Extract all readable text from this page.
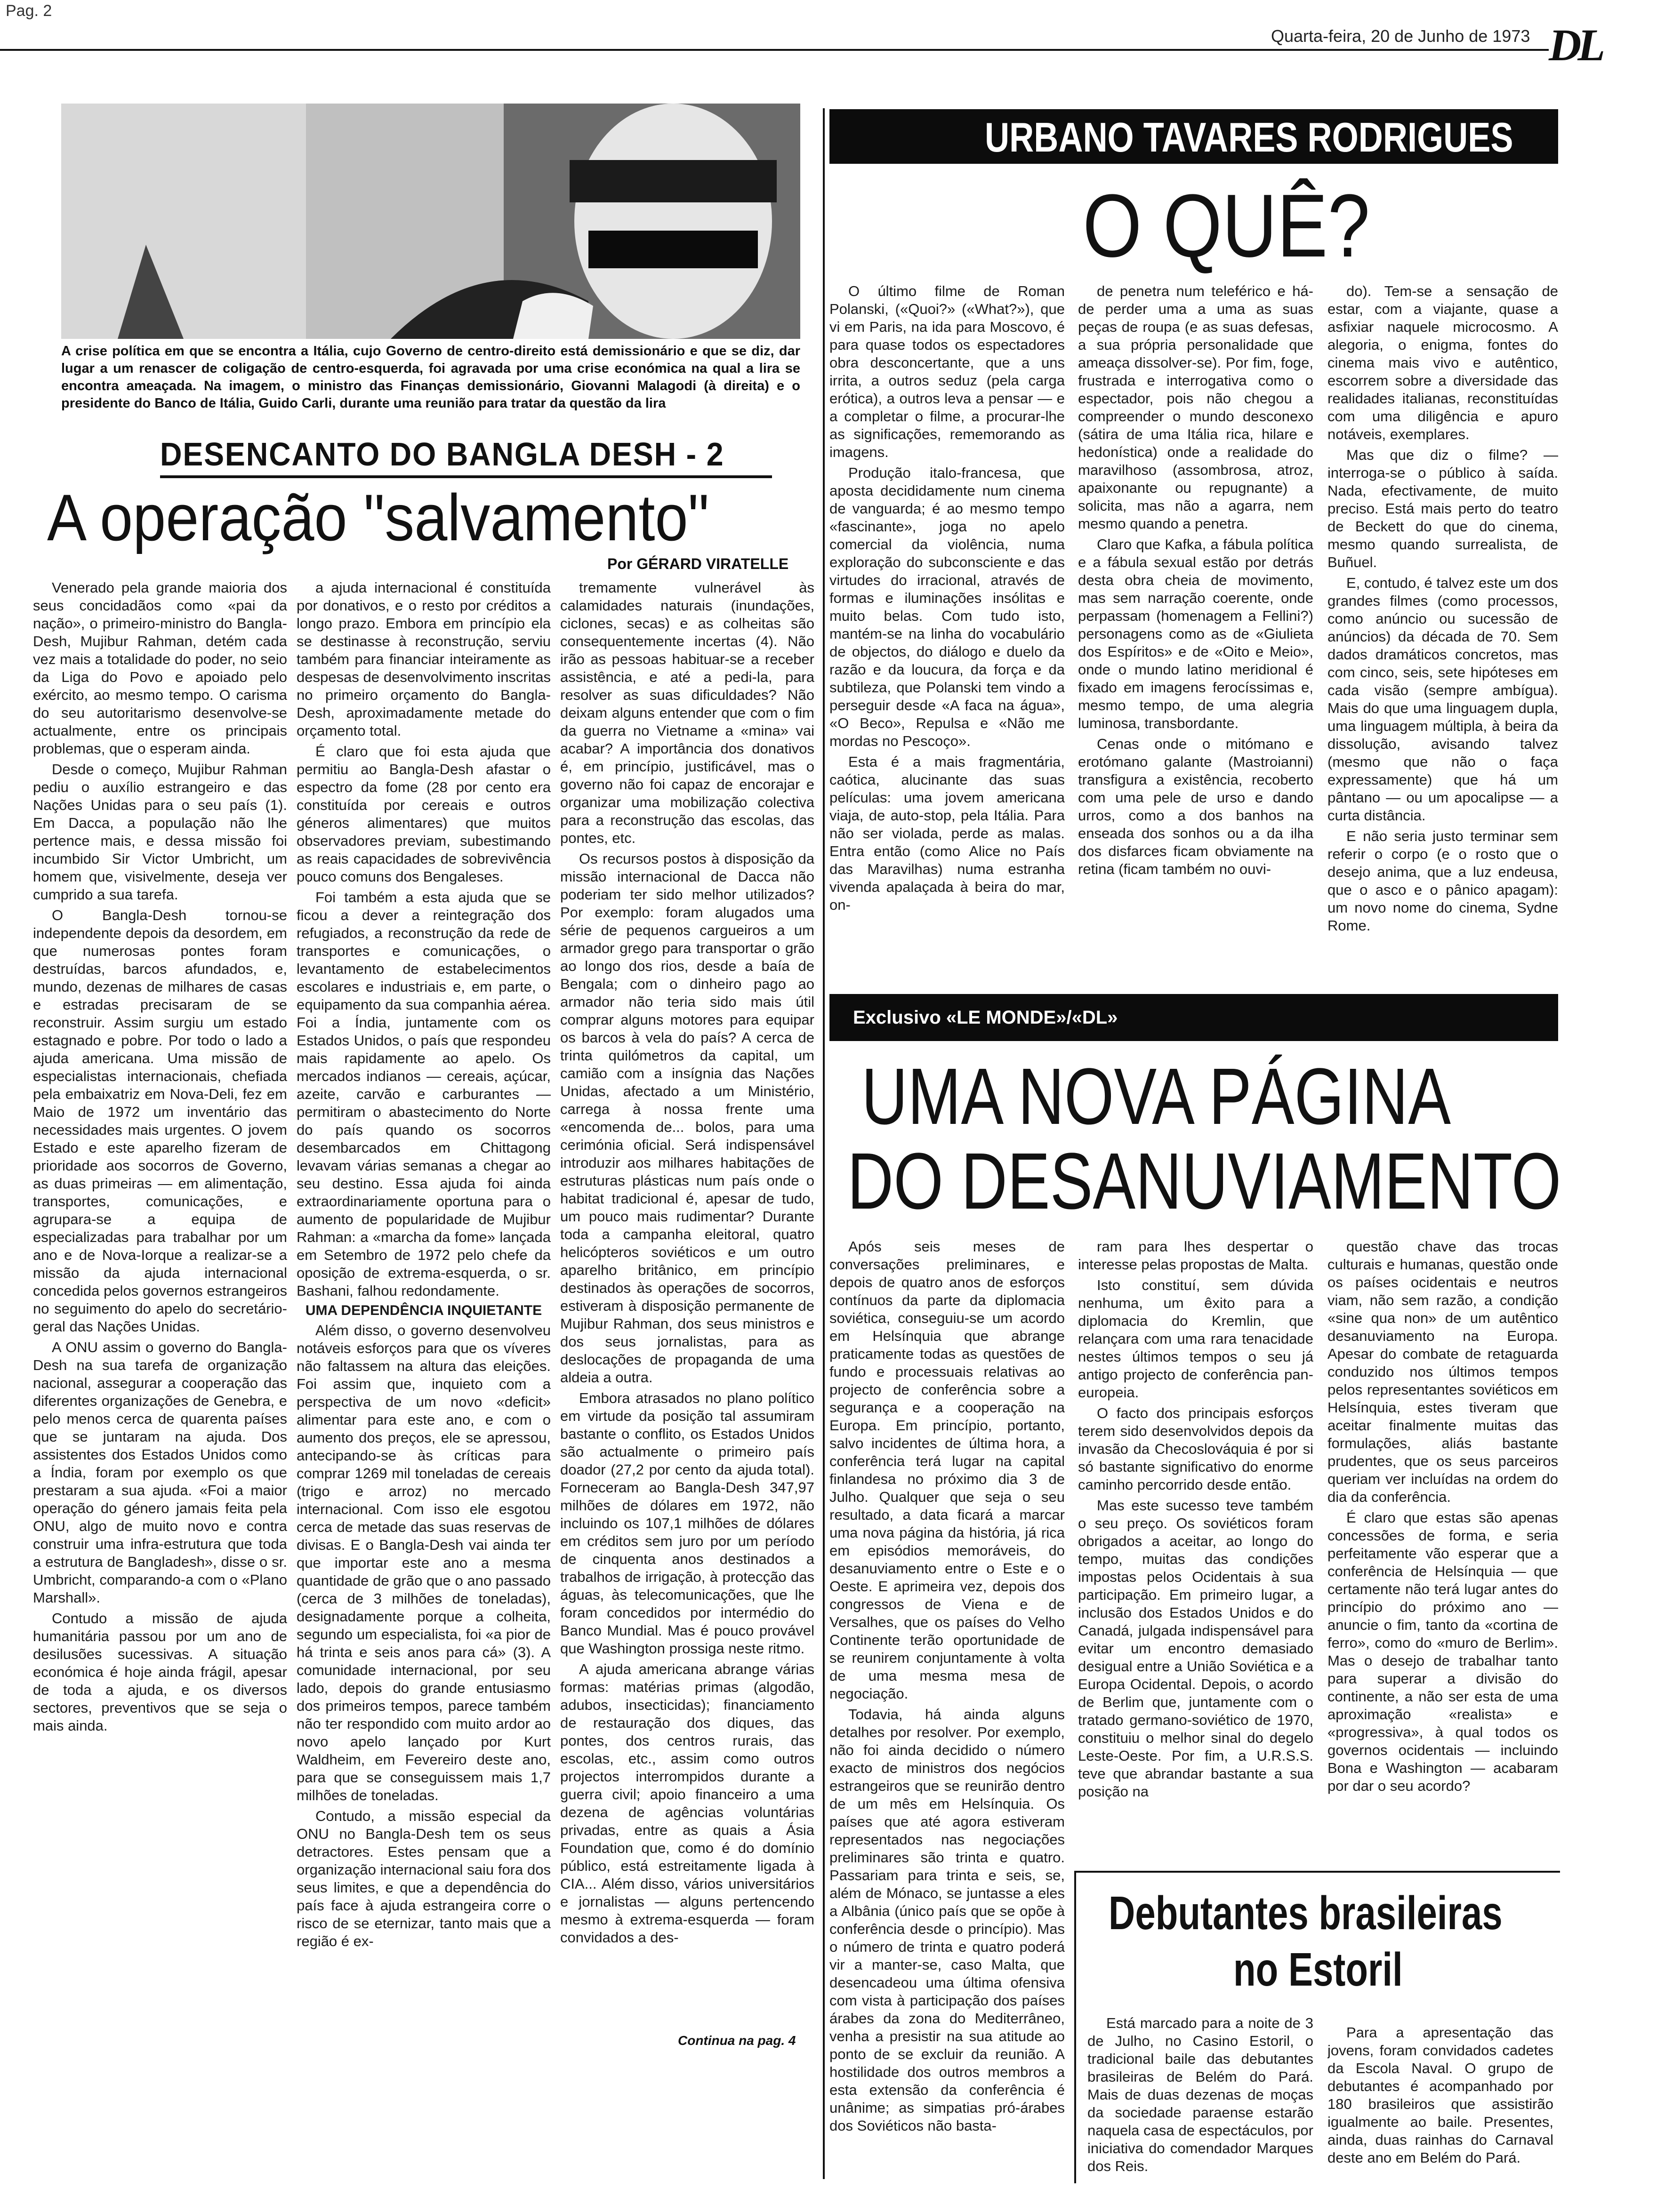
Pag. 2
Quarta-feira, 20 de Junho de 1973 DL
A crise política em que se encontra a Itália, cujo Governo de centro-direito está demissionário e que se diz, dar lugar a um renascer de coligação de centro-esquerda, foi agravada por uma crise económica na qual a lira se encontra ameaçada. Na imagem, o ministro das Finanças demissionário, Giovanni Malagodi (à direita) e o presidente do Banco de Itália, Guido Carli, durante uma reunião para tratar da questão da lira
DESENCANTO DO BANGLA DESH - 2
A operação "salvamento"
Por GÉRARD VIRATELLE

Venerado pela grande maioria dos seus concidadãos como «pai da nação», o primeiro-ministro do Bangla-Desh, Mujibur Rahman, detém cada vez mais a totalidade do poder, no seio da Liga do Povo e apoiado pelo exército, ao mesmo tempo. O carisma do seu autoritarismo desenvolve-se actualmente, entre os principais problemas, que o esperam ainda.

Desde o começo, Mujibur Rahman pediu o auxílio estrangeiro e das Nações Unidas para o seu país (1). Em Dacca, a população não lhe pertence mais, e dessa missão foi incumbido Sir Victor Umbricht, um homem que, visivelmente, deseja ver cumprido a sua tarefa.

O Bangla-Desh tornou-se independente depois da desordem, em que numerosas pontes foram destruídas, barcos afundados, e, mundo, dezenas de milhares de casas e estradas precisaram de se reconstruir. Assim surgiu um estado estagnado e pobre. Por todo o lado a ajuda americana. Uma missão de especialistas internacionais, chefiada pela embaixatriz em Nova-Deli, fez em Maio de 1972 um inventário das necessidades mais urgentes. O jovem Estado e este aparelho fizeram de prioridade aos socorros de Governo, as duas primeiras — em alimentação, transportes, comunicações, e agrupara-se a equipa de especializadas para trabalhar por um ano e de Nova-Iorque a realizar-se a missão da ajuda internacional concedida pelos governos estrangeiros no seguimento do apelo do secretário-geral das Nações Unidas.

A ONU assim o governo do Bangla-Desh na sua tarefa de organização nacional, assegurar a cooperação das diferentes organizações de Genebra, e pelo menos cerca de quarenta países que se juntaram na ajuda. Dos assistentes dos Estados Unidos como a Índia, foram por exemplo os que prestaram a sua ajuda. «Foi a maior operação do género jamais feita pela ONU, algo de muito novo e contra construir uma infra-estrutura que toda a estrutura de Bangladesh», disse o sr. Umbricht, comparando-a com o «Plano Marshall».

Contudo a missão de ajuda humanitária passou por um ano de desilusões sucessivas. A situação económica é hoje ainda frágil, apesar de toda a ajuda, e os diversos sectores, preventivos que se seja o mais ainda.

a ajuda internacional é constituída por donativos, e o resto por créditos a longo prazo. Embora em princípio ela se destinasse à reconstrução, serviu também para financiar inteiramente as despesas de desenvolvimento inscritas no primeiro orçamento do Bangla-Desh, aproximadamente metade do orçamento total.

É claro que foi esta ajuda que permitiu ao Bangla-Desh afastar o espectro da fome (28 por cento era constituída por cereais e outros géneros alimentares) que muitos observadores previam, subestimando as reais capacidades de sobrevivência pouco comuns dos Bengaleses.

Foi também a esta ajuda que se ficou a dever a reintegração dos refugiados, a reconstrução da rede de transportes e comunicações, o levantamento de estabelecimentos escolares e industriais e, em parte, o equipamento da sua companhia aérea. Foi a Índia, juntamente com os Estados Unidos, o país que respondeu mais rapidamente ao apelo. Os mercados indianos — cereais, açúcar, azeite, carvão e carburantes — permitiram o abastecimento do Norte do país quando os socorros desembarcados em Chittagong levavam várias semanas a chegar ao seu destino. Essa ajuda foi ainda extraordinariamente oportuna para o aumento de popularidade de Mujibur Rahman: a «marcha da fome» lançada em Setembro de 1972 pelo chefe da oposição de extrema-esquerda, o sr. Bashani, falhou redondamente.

UMA DEPENDÊNCIA INQUIETANTE

Além disso, o governo desenvolveu notáveis esforços para que os víveres não faltassem na altura das eleições. Foi assim que, inquieto com a perspectiva de um novo «deficit» alimentar para este ano, e com o aumento dos preços, ele se apressou, antecipando-se às críticas para comprar 1269 mil toneladas de cereais (trigo e arroz) no mercado internacional. Com isso ele esgotou cerca de metade das suas reservas de divisas. E o Bangla-Desh vai ainda ter que importar este ano a mesma quantidade de grão que o ano passado (cerca de 3 milhões de toneladas), designadamente porque a colheita, segundo um especialista, foi «a pior de há trinta e seis anos para cá» (3). A comunidade internacional, por seu lado, depois do grande entusiasmo dos primeiros tempos, parece também não ter respondido com muito ardor ao novo apelo lançado por Kurt Waldheim, em Fevereiro deste ano, para que se conseguissem mais 1,7 milhões de toneladas.

Contudo, a missão especial da ONU no Bangla-Desh tem os seus detractores. Estes pensam que a organização internacional saiu fora dos seus limites, e que a dependência do país face à ajuda estrangeira corre o risco de se eternizar, tanto mais que a região é ex-

tremamente vulnerável às calamidades naturais (inundações, ciclones, secas) e as colheitas são consequentemente incertas (4). Não irão as pessoas habituar-se a receber assistência, e até a pedi-la, para resolver as suas dificuldades? Não deixam alguns entender que com o fim da guerra no Vietname a «mina» vai acabar? A importância dos donativos é, em princípio, justificável, mas o governo não foi capaz de encorajar e organizar uma mobilização colectiva para a reconstrução das escolas, das pontes, etc.

Os recursos postos à disposição da missão internacional de Dacca não poderiam ter sido melhor utilizados? Por exemplo: foram alugados uma série de pequenos cargueiros a um armador grego para transportar o grão ao longo dos rios, desde a baía de Bengala; com o dinheiro pago ao armador não teria sido mais útil comprar alguns motores para equipar os barcos à vela do país? A cerca de trinta quilómetros da capital, um camião com a insígnia das Nações Unidas, afectado a um Ministério, carrega à nossa frente uma «encomenda de... bolos, para uma cerimónia oficial. Será indispensável introduzir aos milhares habitações de estruturas plásticas num país onde o habitat tradicional é, apesar de tudo, um pouco mais rudimentar? Durante toda a campanha eleitoral, quatro helicópteros soviéticos e um outro aparelho britânico, em princípio destinados às operações de socorros, estiveram à disposição permanente de Mujibur Rahman, dos seus ministros e dos seus jornalistas, para as deslocações de propaganda de uma aldeia a outra.

Embora atrasados no plano político em virtude da posição tal assumiram bastante o conflito, os Estados Unidos são actualmente o primeiro país doador (27,2 por cento da ajuda total). Forneceram ao Bangla-Desh 347,97 milhões de dólares em 1972, não incluindo os 107,1 milhões de dólares em créditos sem juro por um período de cinquenta anos destinados a trabalhos de irrigação, à protecção das águas, às telecomunicações, que lhe foram concedidos por intermédio do Banco Mundial. Mas é pouco provável que Washington prossiga neste ritmo.

A ajuda americana abrange várias formas: matérias primas (algodão, adubos, insecticidas); financiamento de restauração dos diques, das pontes, dos centros rurais, das escolas, etc., assim como outros projectos interrompidos durante a guerra civil; apoio financeiro a uma dezena de agências voluntárias privadas, entre as quais a Ásia Foundation que, como é do domínio público, está estreitamente ligada à CIA... Além disso, vários universitários e jornalistas — alguns pertencendo mesmo à extrema-esquerda — foram convidados a des-

Continua na pag. 4
URBANO TAVARES RODRIGUES
O QUÊ?

O último filme de Roman Polanski, («Quoi?» («What?»), que vi em Paris, na ida para Moscovo, é para quase todos os espectadores obra desconcertante, que a uns irrita, a outros seduz (pela carga erótica), a outros leva a pensar — e a completar o filme, a procurar-lhe as significações, rememorando as imagens.

Produção italo-francesa, que aposta decididamente num cinema de vanguarda; é ao mesmo tempo «fascinante», joga no apelo comercial da violência, numa exploração do subconsciente e das virtudes do irracional, através de formas e iluminações insólitas e muito belas. Com tudo isto, mantém-se na linha do vocabulário de objectos, do diálogo e duelo da razão e da loucura, da força e da subtileza, que Polanski tem vindo a perseguir desde «A faca na água», «O Beco», Repulsa e «Não me mordas no Pescoço».

Esta é a mais fragmentária, caótica, alucinante das suas películas: uma jovem americana viaja, de auto-stop, pela Itália. Para não ser violada, perde as malas. Entra então (como Alice no País das Maravilhas) numa estranha vivenda apalaçada à beira do mar, on-

de penetra num teleférico e há-de perder uma a uma as suas peças de roupa (e as suas defesas, a sua própria personalidade que ameaça dissolver-se). Por fim, foge, frustrada e interrogativa como o espectador, pois não chegou a compreender o mundo desconexo (sátira de uma Itália rica, hilare e hedonística) onde a realidade do maravilhoso (assombrosa, atroz, apaixonante ou repugnante) a solicita, mas não a agarra, nem mesmo quando a penetra.

Claro que Kafka, a fábula política e a fábula sexual estão por detrás desta obra cheia de movimento, mas sem narração coerente, onde perpassam (homenagem a Fellini?) personagens como as de «Giulieta dos Espíritos» e de «Oito e Meio», onde o mundo latino meridional é fixado em imagens ferocíssimas e, mesmo tempo, de uma alegria luminosa, transbordante.

Cenas onde o mitómano e erotómano galante (Mastroianni) transfigura a existência, recoberto com uma pele de urso e dando urros, como a dos banhos na enseada dos sonhos ou a da ilha dos disfarces ficam obviamente na retina (ficam também no ouvi-

do). Tem-se a sensação de estar, com a viajante, quase a asfixiar naquele microcosmo. A alegoria, o enigma, fontes do cinema mais vivo e autêntico, escorrem sobre a diversidade das realidades italianas, reconstituídas com uma diligência e apuro notáveis, exemplares.

Mas que diz o filme? — interroga-se o público à saída. Nada, efectivamente, de muito preciso. Está mais perto do teatro de Beckett do que do cinema, mesmo quando surrealista, de Buñuel.

E, contudo, é talvez este um dos grandes filmes (como processos, como anúncio ou sucessão de anúncios) da década de 70. Sem dados dramáticos concretos, mas com cinco, seis, sete hipóteses em cada visão (sempre ambígua). Mais do que uma linguagem dupla, uma linguagem múltipla, à beira da dissolução, avisando talvez (mesmo que não o faça expressamente) que há um pântano — ou um apocalipse — a curta distância.

E não seria justo terminar sem referir o corpo (e o rosto que o desejo anima, que a luz endeusa, que o asco e o pânico apagam): um novo nome do cinema, Sydne Rome.

Exclusivo «LE MONDE»/«DL»
UMA NOVA PÁGINA
DO DESANUVIAMENTO

Após seis meses de conversações preliminares, e depois de quatro anos de esforços contínuos da parte da diplomacia soviética, conseguiu-se um acordo em Helsínquia que abrange praticamente todas as questões de fundo e processuais relativas ao projecto de conferência sobre a segurança e a cooperação na Europa. Em princípio, portanto, salvo incidentes de última hora, a conferência terá lugar na capital finlandesa no próximo dia 3 de Julho. Qualquer que seja o seu resultado, a data ficará a marcar uma nova página da história, já rica em episódios memoráveis, do desanuviamento entre o Este e o Oeste. E aprimeira vez, depois dos congressos de Viena e de Versalhes, que os países do Velho Continente terão oportunidade de se reunirem conjuntamente à volta de uma mesma mesa de negociação.

Todavia, há ainda alguns detalhes por resolver. Por exemplo, não foi ainda decidido o número exacto de ministros dos negócios estrangeiros que se reunirão dentro de um mês em Helsínquia. Os países que até agora estiveram representados nas negociações preliminares são trinta e quatro. Passariam para trinta e seis, se, além de Mónaco, se juntasse a eles a Albânia (único país que se opõe à conferência desde o princípio). Mas o número de trinta e quatro poderá vir a manter-se, caso Malta, que desencadeou uma última ofensiva com vista à participação dos países árabes da zona do Mediterrâneo, venha a presistir na sua atitude ao ponto de se excluir da reunião. A hostilidade dos outros membros a esta extensão da conferência é unânime; as simpatias pró-árabes dos Soviéticos não basta-

ram para lhes despertar o interesse pelas propostas de Malta.

Isto constituí, sem dúvida nenhuma, um êxito para a diplomacia do Kremlin, que relançara com uma rara tenacidade nestes últimos tempos o seu já antigo projecto de conferência pan-europeia.

O facto dos principais esforços terem sido desenvolvidos depois da invasão da Checoslováquia é por si só bastante significativo do enorme caminho percorrido desde então.

Mas este sucesso teve também o seu preço. Os soviéticos foram obrigados a aceitar, ao longo do tempo, muitas das condições impostas pelos Ocidentais à sua participação. Em primeiro lugar, a inclusão dos Estados Unidos e do Canadá, julgada indispensável para evitar um encontro demasiado desigual entre a União Soviética e a Europa Ocidental. Depois, o acordo de Berlim que, juntamente com o tratado germano-soviético de 1970, constituiu o melhor sinal do degelo Leste-Oeste. Por fim, a U.R.S.S. teve que abrandar bastante a sua posição na

questão chave das trocas culturais e humanas, questão onde os países ocidentais e neutros viam, não sem razão, a condição «sine qua non» de um autêntico desanuviamento na Europa. Apesar do combate de retaguarda conduzido nos últimos tempos pelos representantes soviéticos em Helsínquia, estes tiveram que aceitar finalmente muitas das formulações, aliás bastante prudentes, que os seus parceiros queriam ver incluídas na ordem do dia da conferência.

É claro que estas são apenas concessões de forma, e seria perfeitamente vão esperar que a conferência de Helsínquia — que certamente não terá lugar antes do princípio do próximo ano — anuncie o fim, tanto da «cortina de ferro», como do «muro de Berlim». Mas o desejo de trabalhar tanto para superar a divisão do continente, a não ser esta de uma aproximação «realista» e «progressiva», à qual todos os governos ocidentais — incluindo Bona e Washington — acabaram por dar o seu acordo?

Debutantes brasileiras
no Estoril

Está marcado para a noite de 3 de Julho, no Casino Estoril, o tradicional baile das debutantes brasileiras de Belém do Pará. Mais de duas dezenas de moças da sociedade paraense estarão naquela casa de espectáculos, por iniciativa do comendador Marques dos Reis.

Para a apresentação das jovens, foram convidados cadetes da Escola Naval. O grupo de debutantes é acompanhado por 180 brasileiros que assistirão igualmente ao baile. Presentes, ainda, duas rainhas do Carnaval deste ano em Belém do Pará.
